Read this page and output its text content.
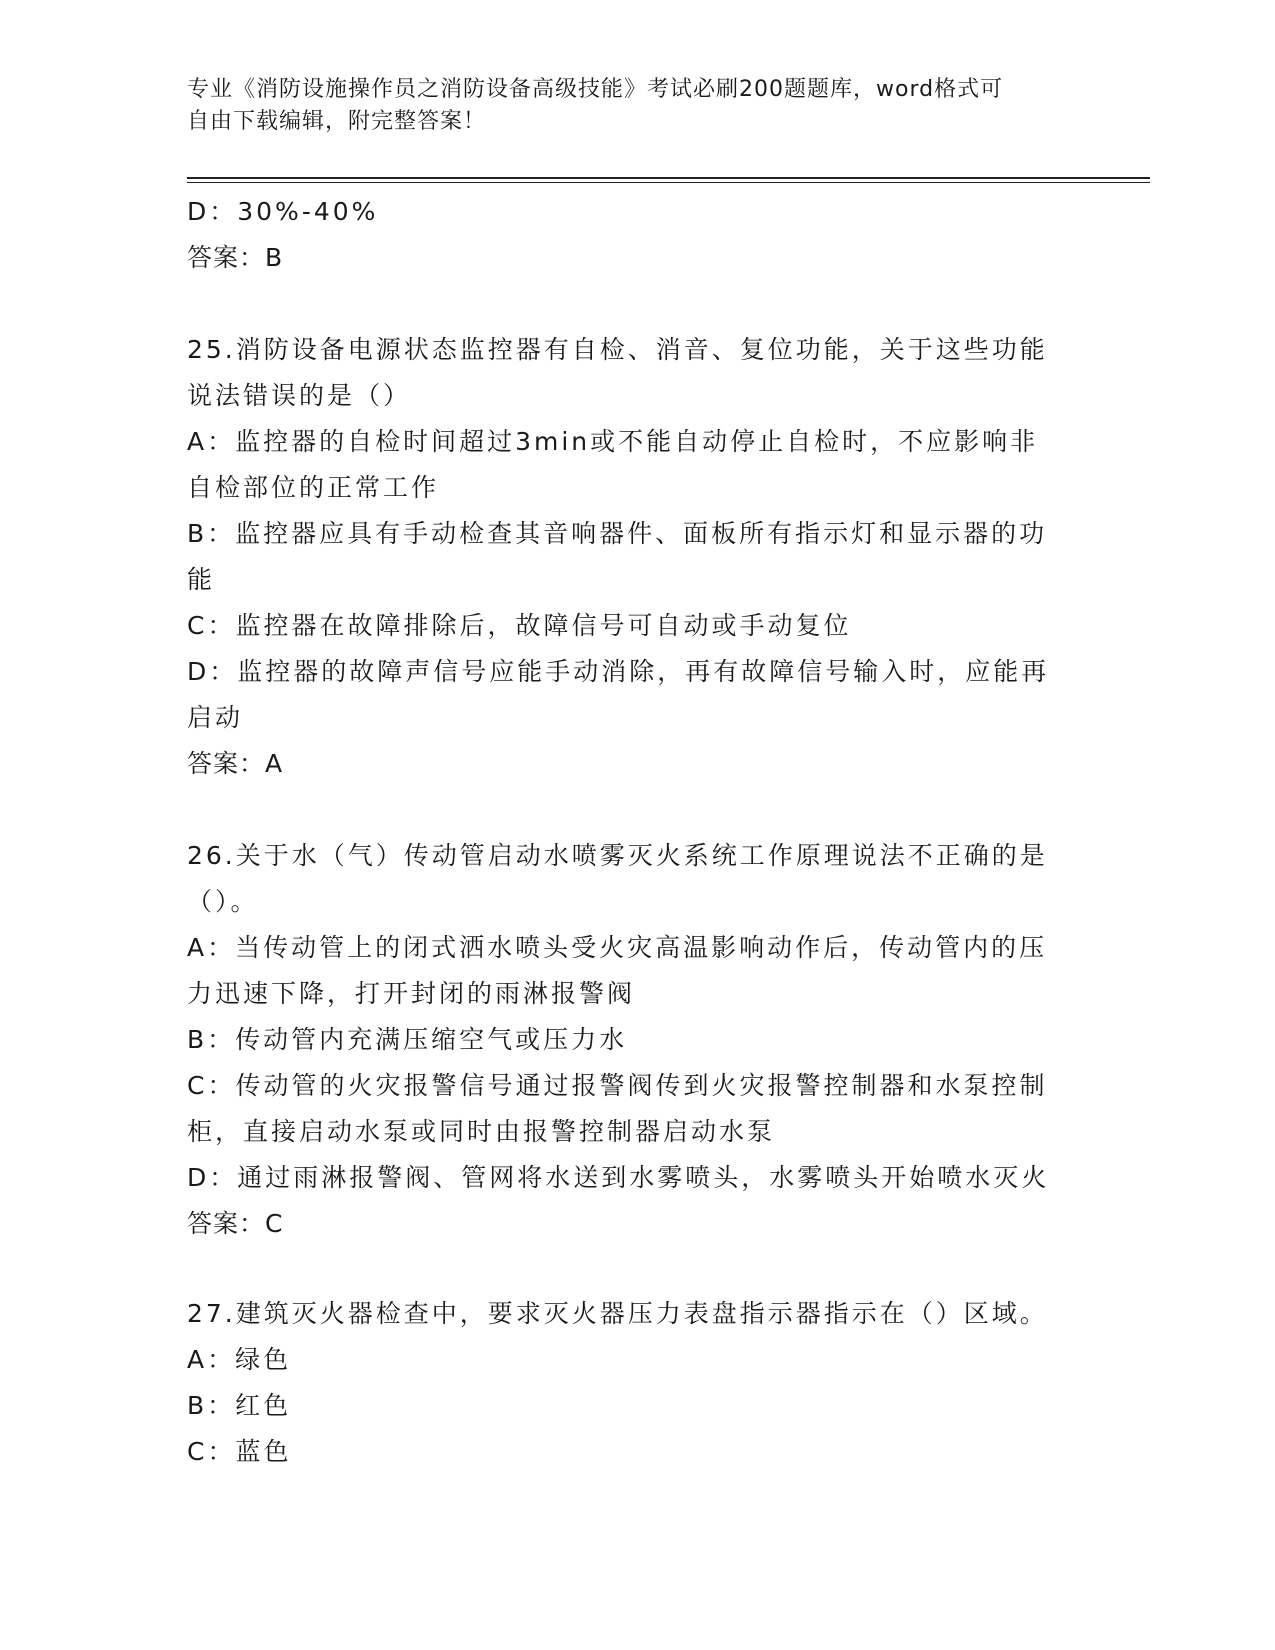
专业《消防设施操作员之消防设备高级技能》考试必刷200题题库，word格式可
自由下载编辑，附完整答案！
D：30%-40%
答案：B
25.消防设备电源状态监控器有自检、消音、复位功能，关于这些功能
说法错误的是（）
A：监控器的自检时间超过3min或不能自动停止自检时，不应影响非
自检部位的正常工作
B：监控器应具有手动检查其音响器件、面板所有指示灯和显示器的功
能
C：监控器在故障排除后，故障信号可自动或手动复位
D：监控器的故障声信号应能手动消除，再有故障信号输入时，应能再
启动
答案：A
26.关于水（气）传动管启动水喷雾灭火系统工作原理说法不正确的是
（）。
A：当传动管上的闭式洒水喷头受火灾高温影响动作后，传动管内的压
力迅速下降，打开封闭的雨淋报警阀
B：传动管内充满压缩空气或压力水
C：传动管的火灾报警信号通过报警阀传到火灾报警控制器和水泵控制
柜，直接启动水泵或同时由报警控制器启动水泵
D：通过雨淋报警阀、管网将水送到水雾喷头，水雾喷头开始喷水灭火
答案：C
27.建筑灭火器检查中，要求灭火器压力表盘指示器指示在（）区域。
A：绿色
B：红色
C：蓝色
